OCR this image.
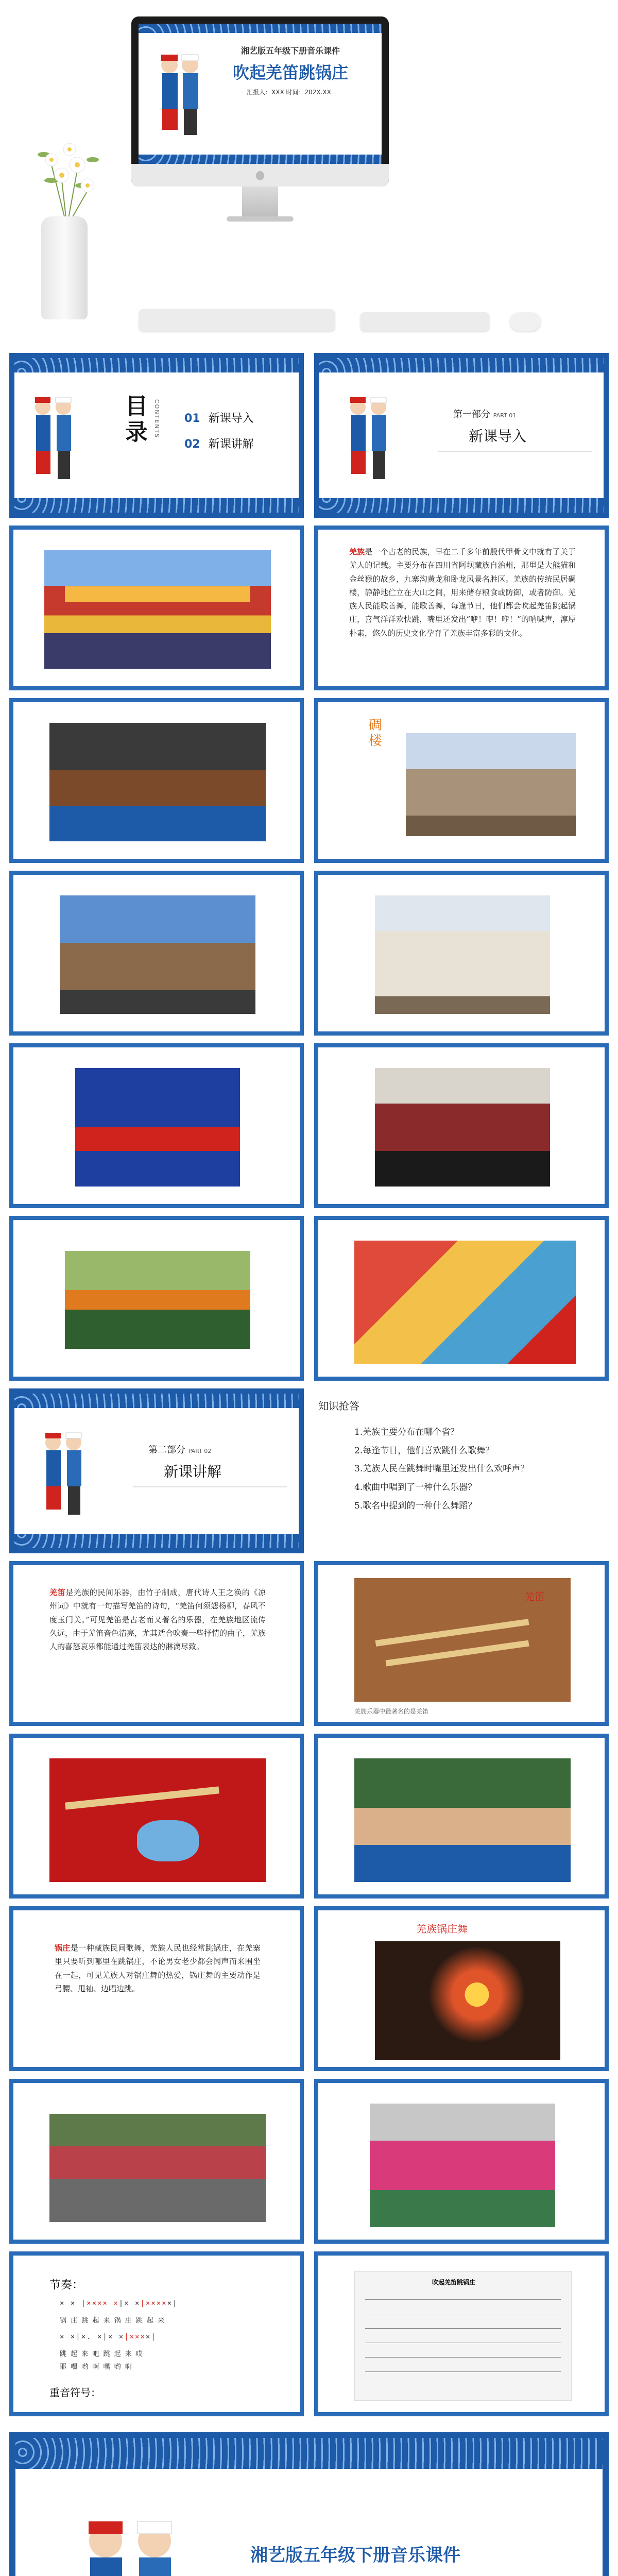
湘艺版五年级下册音乐课件
吹起羌笛跳锅庄
汇报人：XXX 时间：202X.XX
目录	CONTENTS 01 新课导入
02 新课讲解
第一部分 PART 01
新课导入
羌族是一个古老的民族，早在二千多年前殷代甲骨文中就有了关于羌人的记载。主要分布在四川省阿坝藏族自治州，那里是大熊猫和金丝猴的故乡，九寨沟黄龙和卧龙风景名胜区。羌族的传统民居碉楼，静静地伫立在大山之间，用来储存粮食或防御，或者防御。羌族人民能歌善舞，能歌善舞，每逢节日，他们都会吹起羌笛跳起锅庄，喜气洋洋欢快跳，嘴里还发出“咿！咿！咿！”的呐喊声，淳厚朴素，悠久的历史文化孕育了羌族丰富多彩的文化。
碉楼
第二部分 PART 02
新课讲解
知识抢答
1.羌族主要分布在哪个省？
2.每逢节日，他们喜欢跳什么歌舞？
3.羌族人民在跳舞时嘴里还发出什么欢呼声？
4.歌曲中唱到了一种什么乐器？
5.歌名中提到的一种什么舞蹈？
羌笛是羌族的民间乐器，由竹子制成，唐代诗人王之涣的《凉州词》中就有一句描写羌笛的诗句，“羌笛何须怨杨柳，春风不度玉门关。”可见羌笛是古老而又著名的乐器，在羌族地区流传久远，由于羌笛音色清亮，尤其适合吹奏一些抒情的曲子，羌族人的喜怒哀乐都能通过羌笛表达的淋漓尽致。
羌笛
羌族乐器中最著名的是羌笛
锅庄是一种藏族民间歌舞，羌族人民也经常跳锅庄，在羌寨里只要听到哪里在跳锅庄，不论男女老少都会闻声而来围坐在一起，可见羌族人对锅庄舞的热爱，锅庄舞的主要动作是弓腰、甩袖、边唱边跳。
羌族锅庄舞
节奏：
× × |×××× ×|× ×|×××××|
锅 庄 跳 起 来 锅 庄 跳 起 来
× ×|×. ×|× ×|××××|
跳 起 来 吧 跳 起 来 哎
耶 嘿 哟 啊 嘿 哟 啊
重音符号：
吹起羌笛跳锅庄
湘艺版五年级下册音乐课件
